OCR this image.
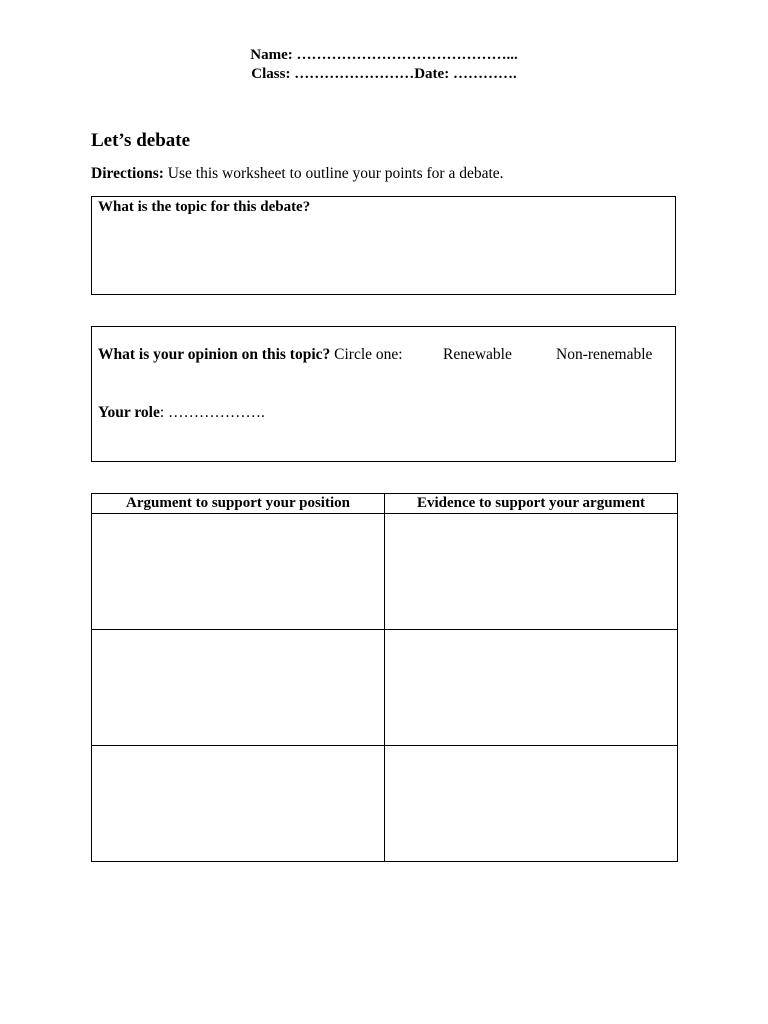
Name: ……………………………………...
Class: ……………………Date: ………….
Let’s debate
Directions: Use this worksheet to outline your points for a debate.
What is the topic for this debate?
What is your opinion on this topic? Circle one:	Renewable	Non-renemable
Your role: ……………….
Argument to support your position	Evidence to support your argument
